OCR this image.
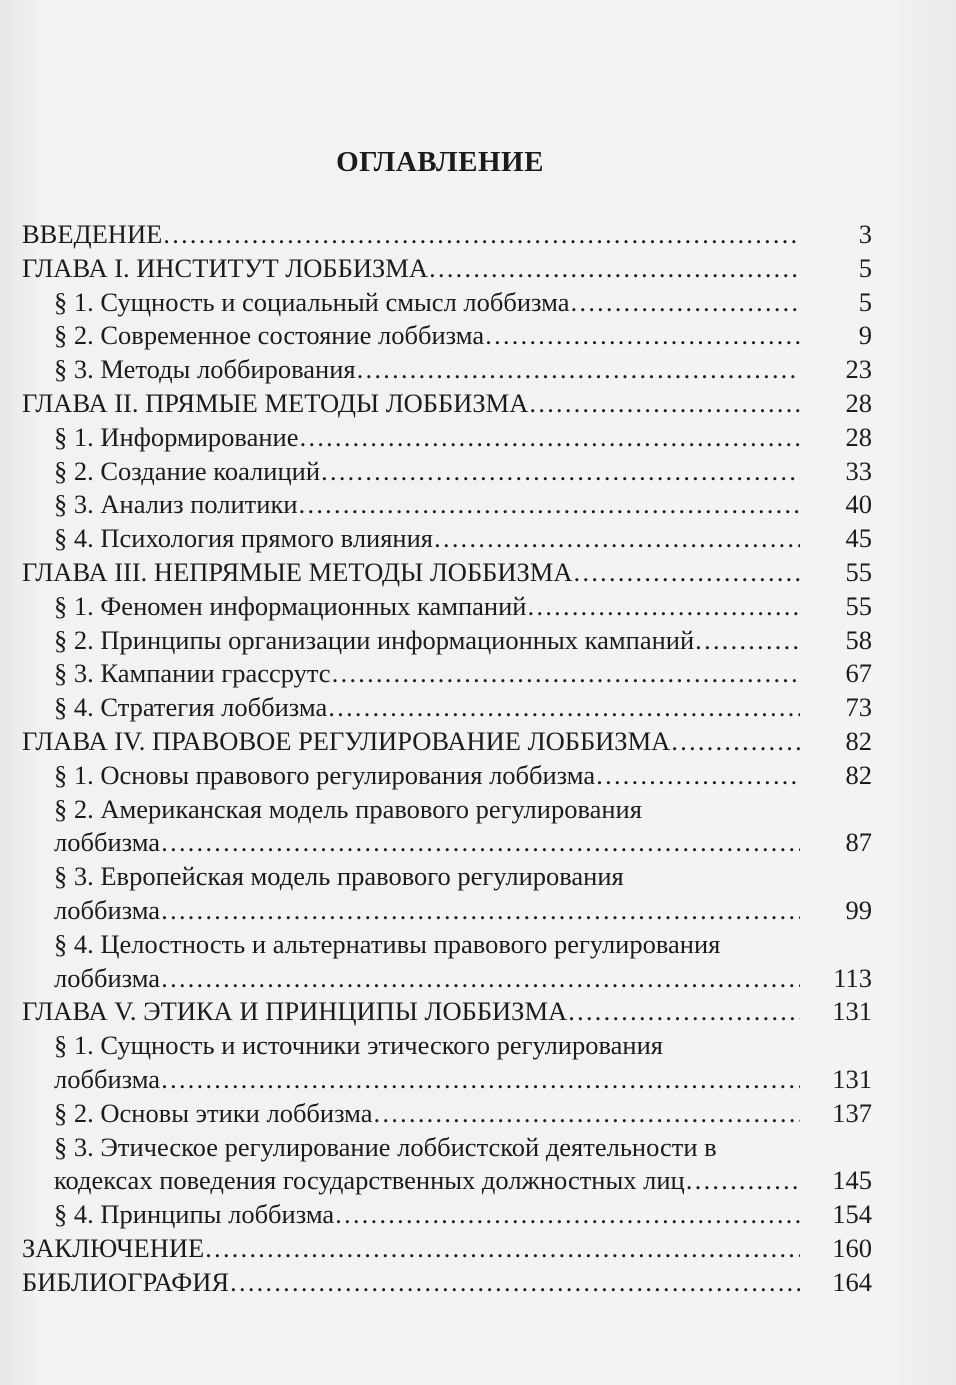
ОГЛАВЛЕНИЕ
ВВЕДЕНИЕ ……………………………………………………………………………………………………………………………………	3
ГЛАВА I. ИНСТИТУТ ЛОББИЗМА ……………………………………………………………………………………………………………………………………	5
§ 1. Сущность и социальный смысл лоббизма ……………………………………………………………………………………………………………………………………	5
§ 2. Современное состояние лоббизма ……………………………………………………………………………………………………………………………………	9
§ 3. Методы лоббирования ……………………………………………………………………………………………………………………………………	23
ГЛАВА II. ПРЯМЫЕ МЕТОДЫ ЛОББИЗМА ……………………………………………………………………………………………………………………………………	28
§ 1. Информирование ……………………………………………………………………………………………………………………………………	28
§ 2. Создание коалиций ……………………………………………………………………………………………………………………………………	33
§ 3. Анализ политики ……………………………………………………………………………………………………………………………………	40
§ 4. Психология прямого влияния ……………………………………………………………………………………………………………………………………	45
ГЛАВА III. НЕПРЯМЫЕ МЕТОДЫ ЛОББИЗМА ……………………………………………………………………………………………………………………………………	55
§ 1. Феномен информационных кампаний ……………………………………………………………………………………………………………………………………	55
§ 2. Принципы организации информационных кампаний ……………………………………………………………………………………………………………………………………	58
§ 3. Кампании грассрутс ……………………………………………………………………………………………………………………………………	67
§ 4. Стратегия лоббизма ……………………………………………………………………………………………………………………………………	73
ГЛАВА IV. ПРАВОВОЕ РЕГУЛИРОВАНИЕ ЛОББИЗМА ……………………………………………………………………………………………………………………………………	82
§ 1. Основы правового регулирования лоббизма ……………………………………………………………………………………………………………………………………	82
§ 2. Американская модель правового регулирования
лоббизма ……………………………………………………………………………………………………………………………………	87
§ 3. Европейская модель правового регулирования
лоббизма ……………………………………………………………………………………………………………………………………	99
§ 4. Целостность и альтернативы правового регулирования
лоббизма ……………………………………………………………………………………………………………………………………	113
ГЛАВА V. ЭТИКА И ПРИНЦИПЫ ЛОББИЗМА ……………………………………………………………………………………………………………………………………	131
§ 1. Сущность и источники этического регулирования
лоббизма ……………………………………………………………………………………………………………………………………	131
§ 2. Основы этики лоббизма ……………………………………………………………………………………………………………………………………	137
§ 3. Этическое регулирование лоббистской деятельности в
кодексах поведения государственных должностных лиц ……………………………………………………………………………………………………………………………………	145
§ 4. Принципы лоббизма ……………………………………………………………………………………………………………………………………	154
ЗАКЛЮЧЕНИЕ ……………………………………………………………………………………………………………………………………	160
БИБЛИОГРАФИЯ ……………………………………………………………………………………………………………………………………	164
